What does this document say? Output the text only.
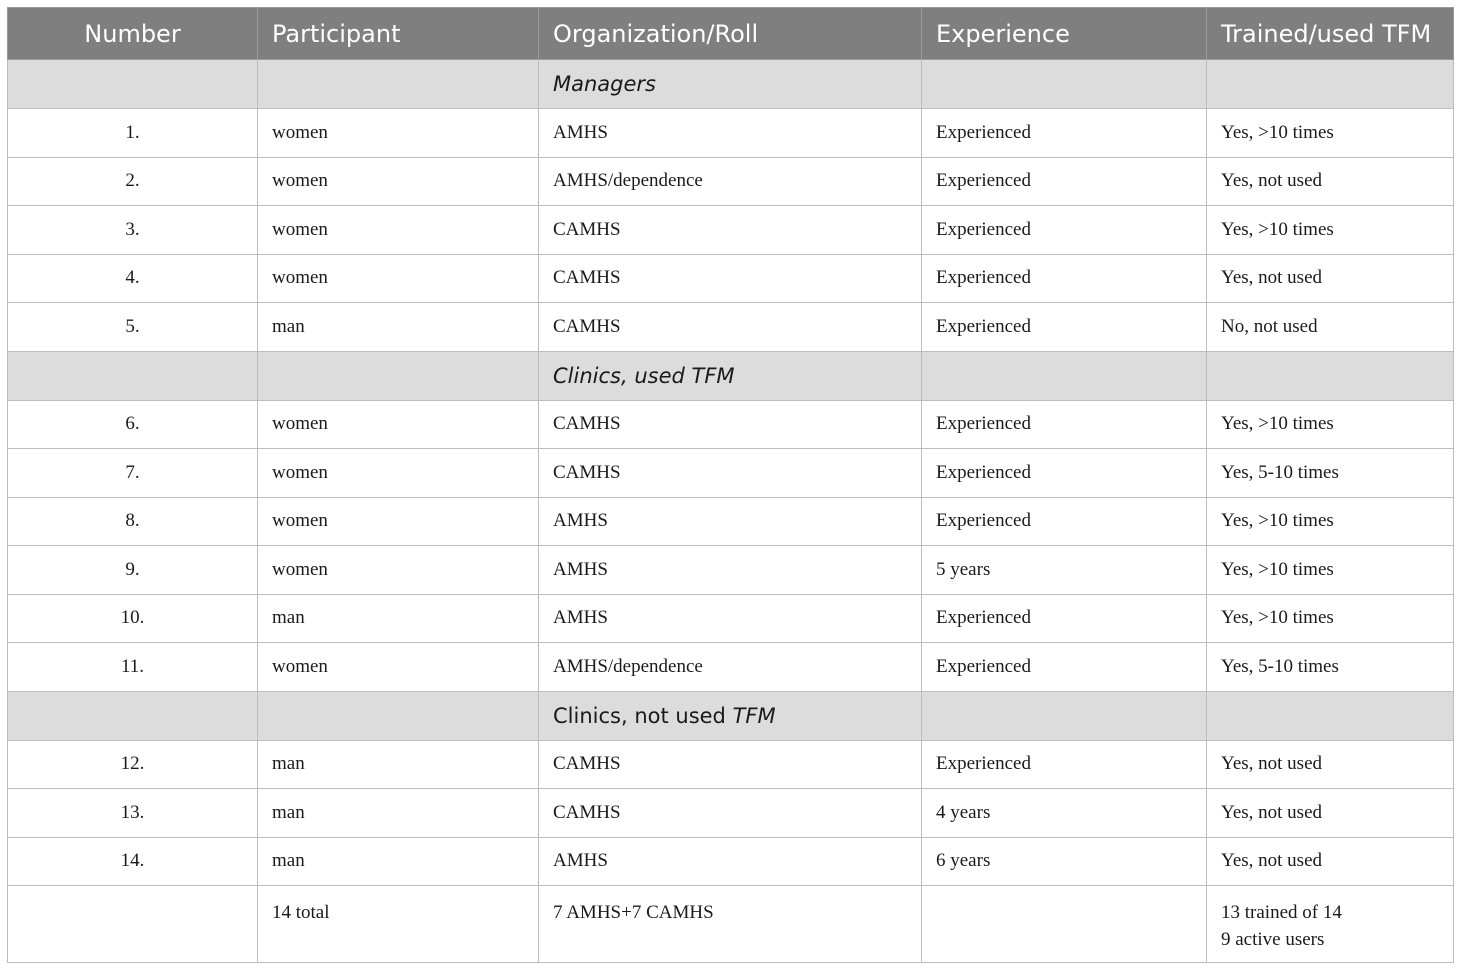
Number	Participant	Organization/Roll	Experience	Trained/used TFM
		Managers		
1.	women	AMHS	Experienced	Yes, >10 times
2.	women	AMHS/dependence	Experienced	Yes, not used
3.	women	CAMHS	Experienced	Yes, >10 times
4.	women	CAMHS	Experienced	Yes, not used
5.	man	CAMHS	Experienced	No, not used
		Clinics, used TFM		
6.	women	CAMHS	Experienced	Yes, >10 times
7.	women	CAMHS	Experienced	Yes, 5-10 times
8.	women	AMHS	Experienced	Yes, >10 times
9.	women	AMHS	5 years	Yes, >10 times
10.	man	AMHS	Experienced	Yes, >10 times
11.	women	AMHS/dependence	Experienced	Yes, 5-10 times
		Clinics, not used TFM		
12.	man	CAMHS	Experienced	Yes, not used
13.	man	CAMHS	4 years	Yes, not used
14.	man	AMHS	6 years	Yes, not used
	14 total	7 AMHS+7 CAMHS		13 trained of 14
9 active users
